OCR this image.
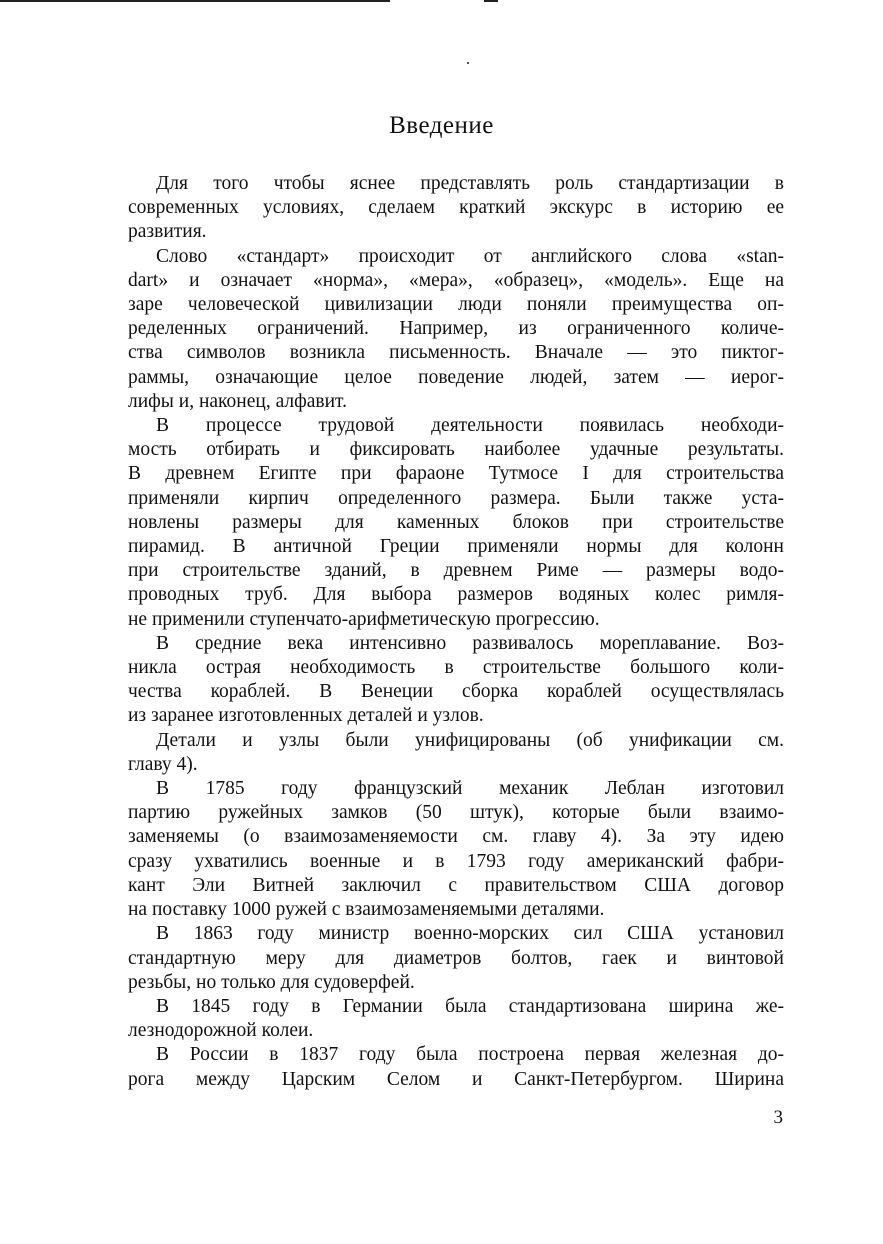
Введение

Для того чтобы яснее представлять роль стандартизации в
современных условиях, сделаем краткий экскурс в историю ее
развития.

Слово «стандарт» происходит от английского слова «stan-
dart» и означает «норма», «мера», «образец», «модель». Еще на
заре человеческой цивилизации люди поняли преимущества оп-
ределенных ограничений. Например, из ограниченного количе-
ства символов возникла письменность. Вначале — это пиктог-
раммы, означающие целое поведение людей, затем — иерог-
лифы и, наконец, алфавит.

В процессе трудовой деятельности появилась необходи-
мость отбирать и фиксировать наиболее удачные результаты.
В древнем Египте при фараоне Тутмосе I для строительства
применяли кирпич определенного размера. Были также уста-
новлены размеры для каменных блоков при строительстве
пирамид. В античной Греции применяли нормы для колонн
при строительстве зданий, в древнем Риме — размеры водо-
проводных труб. Для выбора размеров водяных колес римля-
не применили ступенчато-арифметическую прогрессию.

В средние века интенсивно развивалось мореплавание. Воз-
никла острая необходимость в строительстве большого коли-
чества кораблей. В Венеции сборка кораблей осуществлялась
из заранее изготовленных деталей и узлов.

Детали и узлы были унифицированы (об унификации см.
главу 4).

В 1785 году французский механик Леблан изготовил
партию ружейных замков (50 штук), которые были взаимо-
заменяемы (о взаимозаменяемости см. главу 4). За эту идею
сразу ухватились военные и в 1793 году американский фабри-
кант Эли Витней заключил с правительством США договор
на поставку 1000 ружей с взаимозаменяемыми деталями.

В 1863 году министр военно-морских сил США установил
стандартную меру для диаметров болтов, гаек и винтовой
резьбы, но только для судоверфей.

В 1845 году в Германии была стандартизована ширина же-
лезнодорожной колеи.

В России в 1837 году была построена первая железная до-
рога между Царским Селом и Санкт-Петербургом. Ширина

3
